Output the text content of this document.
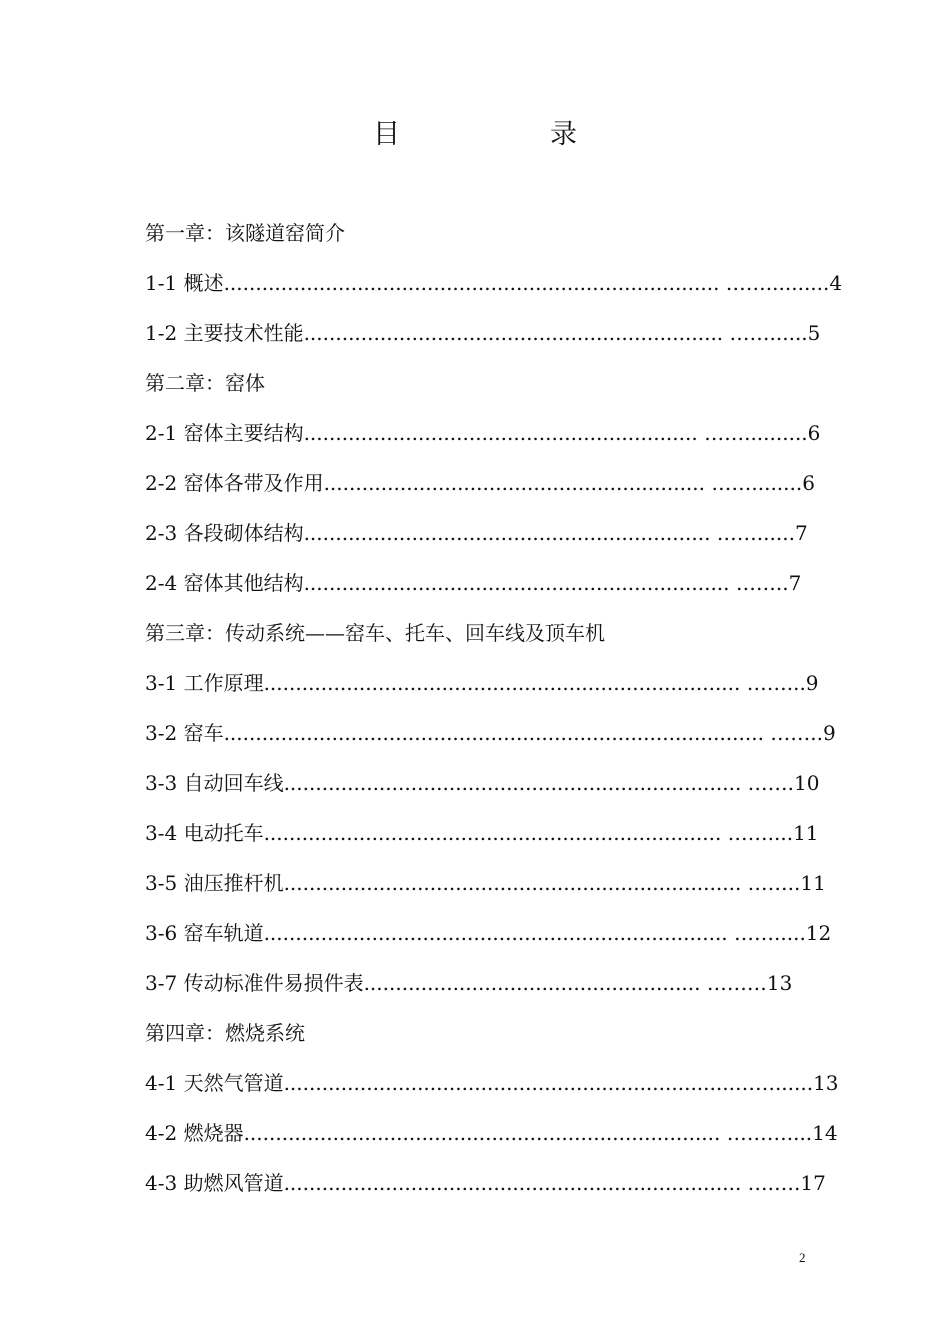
目	录
第一章：该隧道窑简介
1-1 概述.............................................................................. ……..........4
1-2 主要技术性能.................................................................. ……......5
第二章：窑体
2-1 窑体主要结构.............................................................. ……..........6
2-2 窑体各带及作用............................................................ ……........6
2-3 各段砌体结构................................................................ ……......7
2-4 窑体其他结构................................................................... ……..7
第三章：传动系统——窑车、托车、回车线及顶车机
3-1 工作原理........................................................................... ……...9
3-2 窑车..................................................................................... ……..9
3-3 自动回车线........................................................................ …….10
3-4 电动托车........................................................................ ……....11
3-5 油压推杆机........................................................................ ……..11
3-6 窑车轨道......................................................................... …….....12
3-7 传动标准件易损件表..................................................... ………13
第四章：燃烧系统
4-1 天然气管道.......................................................................……......13
4-2 燃烧器........................................................................... ………....14
4-3 助燃风管道........................................................................ ….….17
2
